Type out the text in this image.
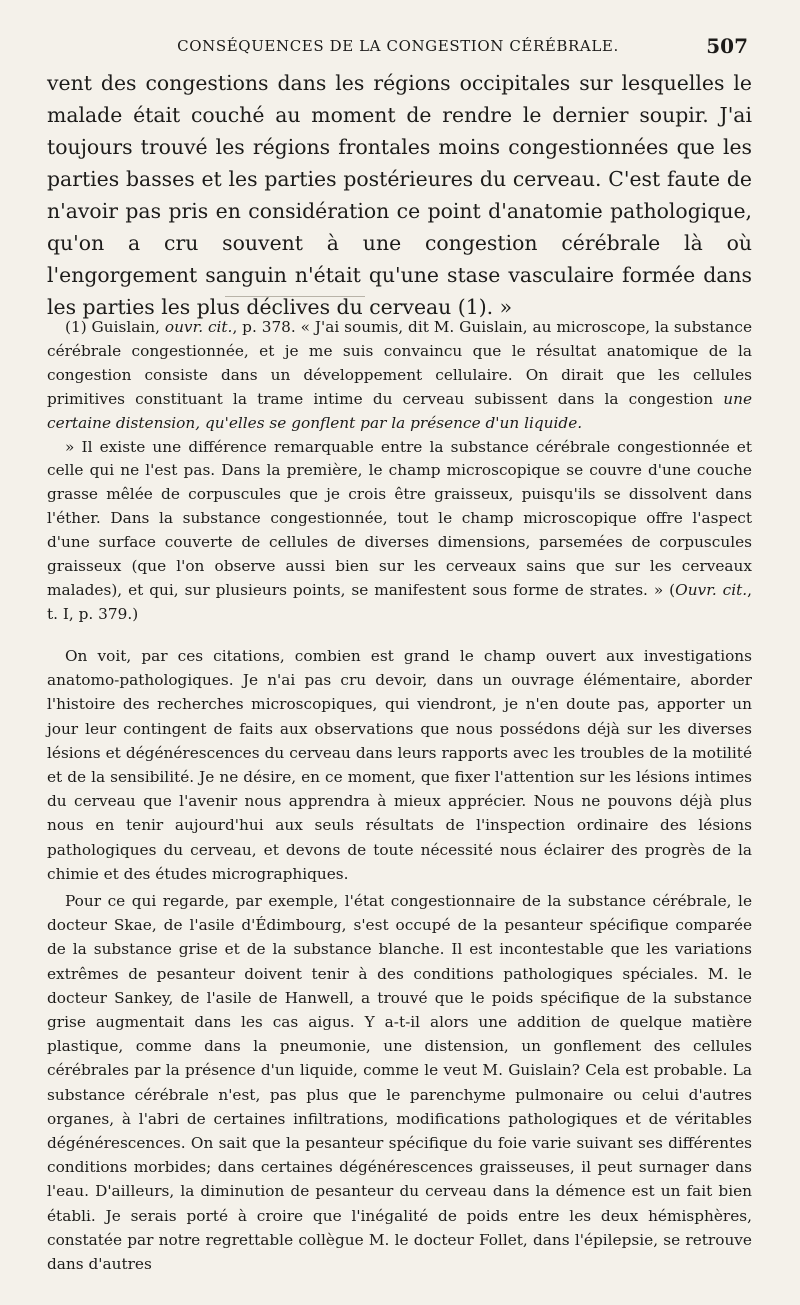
CONSÉQUENCES DE LA CONGESTION CÉRÉBRALE.	507

vent des congestions dans les régions occipitales sur lesquelles le malade était couché au moment de rendre le dernier soupir. J'ai toujours trouvé les régions frontales moins congestionnées que les parties basses et les parties postérieures du cerveau. C'est faute de n'avoir pas pris en considération ce point d'anatomie pathologique, qu'on a cru souvent à une congestion cérébrale là où l'engorgement sanguin n'était qu'une stase vasculaire formée dans les parties les plus déclives du cerveau (1). »

(1) Guislain, ouvr. cit., p. 378. « J'ai soumis, dit M. Guislain, au microscope, la substance cérébrale congestionnée, et je me suis convaincu que le résultat anatomique de la congestion consiste dans un développement cellulaire. On dirait que les cellules primitives constituant la trame intime du cerveau subissent dans la congestion une certaine distension, qu'elles se gonflent par la présence d'un liquide.

» Il existe une différence remarquable entre la substance cérébrale congestionnée et celle qui ne l'est pas. Dans la première, le champ microscopique se couvre d'une couche grasse mêlée de corpuscules que je crois être graisseux, puisqu'ils se dissolvent dans l'éther. Dans la substance congestionnée, tout le champ microscopique offre l'aspect d'une surface couverte de cellules de diverses dimensions, parsemées de corpuscules graisseux (que l'on observe aussi bien sur les cerveaux sains que sur les cerveaux malades), et qui, sur plusieurs points, se manifestent sous forme de strates. » (Ouvr. cit., t. I, p. 379.)

On voit, par ces citations, combien est grand le champ ouvert aux investigations anatomo-pathologiques. Je n'ai pas cru devoir, dans un ouvrage élémentaire, aborder l'histoire des recherches microscopiques, qui viendront, je n'en doute pas, apporter un jour leur contingent de faits aux observations que nous possédons déjà sur les diverses lésions et dégénérescences du cerveau dans leurs rapports avec les troubles de la motilité et de la sensibilité. Je ne désire, en ce moment, que fixer l'attention sur les lésions intimes du cerveau que l'avenir nous apprendra à mieux apprécier. Nous ne pouvons déjà plus nous en tenir aujourd'hui aux seuls résultats de l'inspection ordinaire des lésions pathologiques du cerveau, et devons de toute nécessité nous éclairer des progrès de la chimie et des études micrographiques.

Pour ce qui regarde, par exemple, l'état congestionnaire de la substance cérébrale, le docteur Skae, de l'asile d'Édimbourg, s'est occupé de la pesanteur spécifique comparée de la substance grise et de la substance blanche. Il est incontestable que les variations extrêmes de pesanteur doivent tenir à des conditions pathologiques spéciales. M. le docteur Sankey, de l'asile de Hanwell, a trouvé que le poids spécifique de la substance grise augmentait dans les cas aigus. Y a-t-il alors une addition de quelque matière plastique, comme dans la pneumonie, une distension, un gonflement des cellules cérébrales par la présence d'un liquide, comme le veut M. Guislain? Cela est probable. La substance cérébrale n'est, pas plus que le parenchyme pulmonaire ou celui d'autres organes, à l'abri de certaines infiltrations, modifications pathologiques et de véritables dégénérescences. On sait que la pesanteur spécifique du foie varie suivant ses différentes conditions morbides; dans certaines dégénérescences graisseuses, il peut surnager dans l'eau. D'ailleurs, la diminution de pesanteur du cerveau dans la démence est un fait bien établi. Je serais porté à croire que l'inégalité de poids entre les deux hémisphères, constatée par notre regrettable collègue M. le docteur Follet, dans l'épilepsie, se retrouve dans d'autres
